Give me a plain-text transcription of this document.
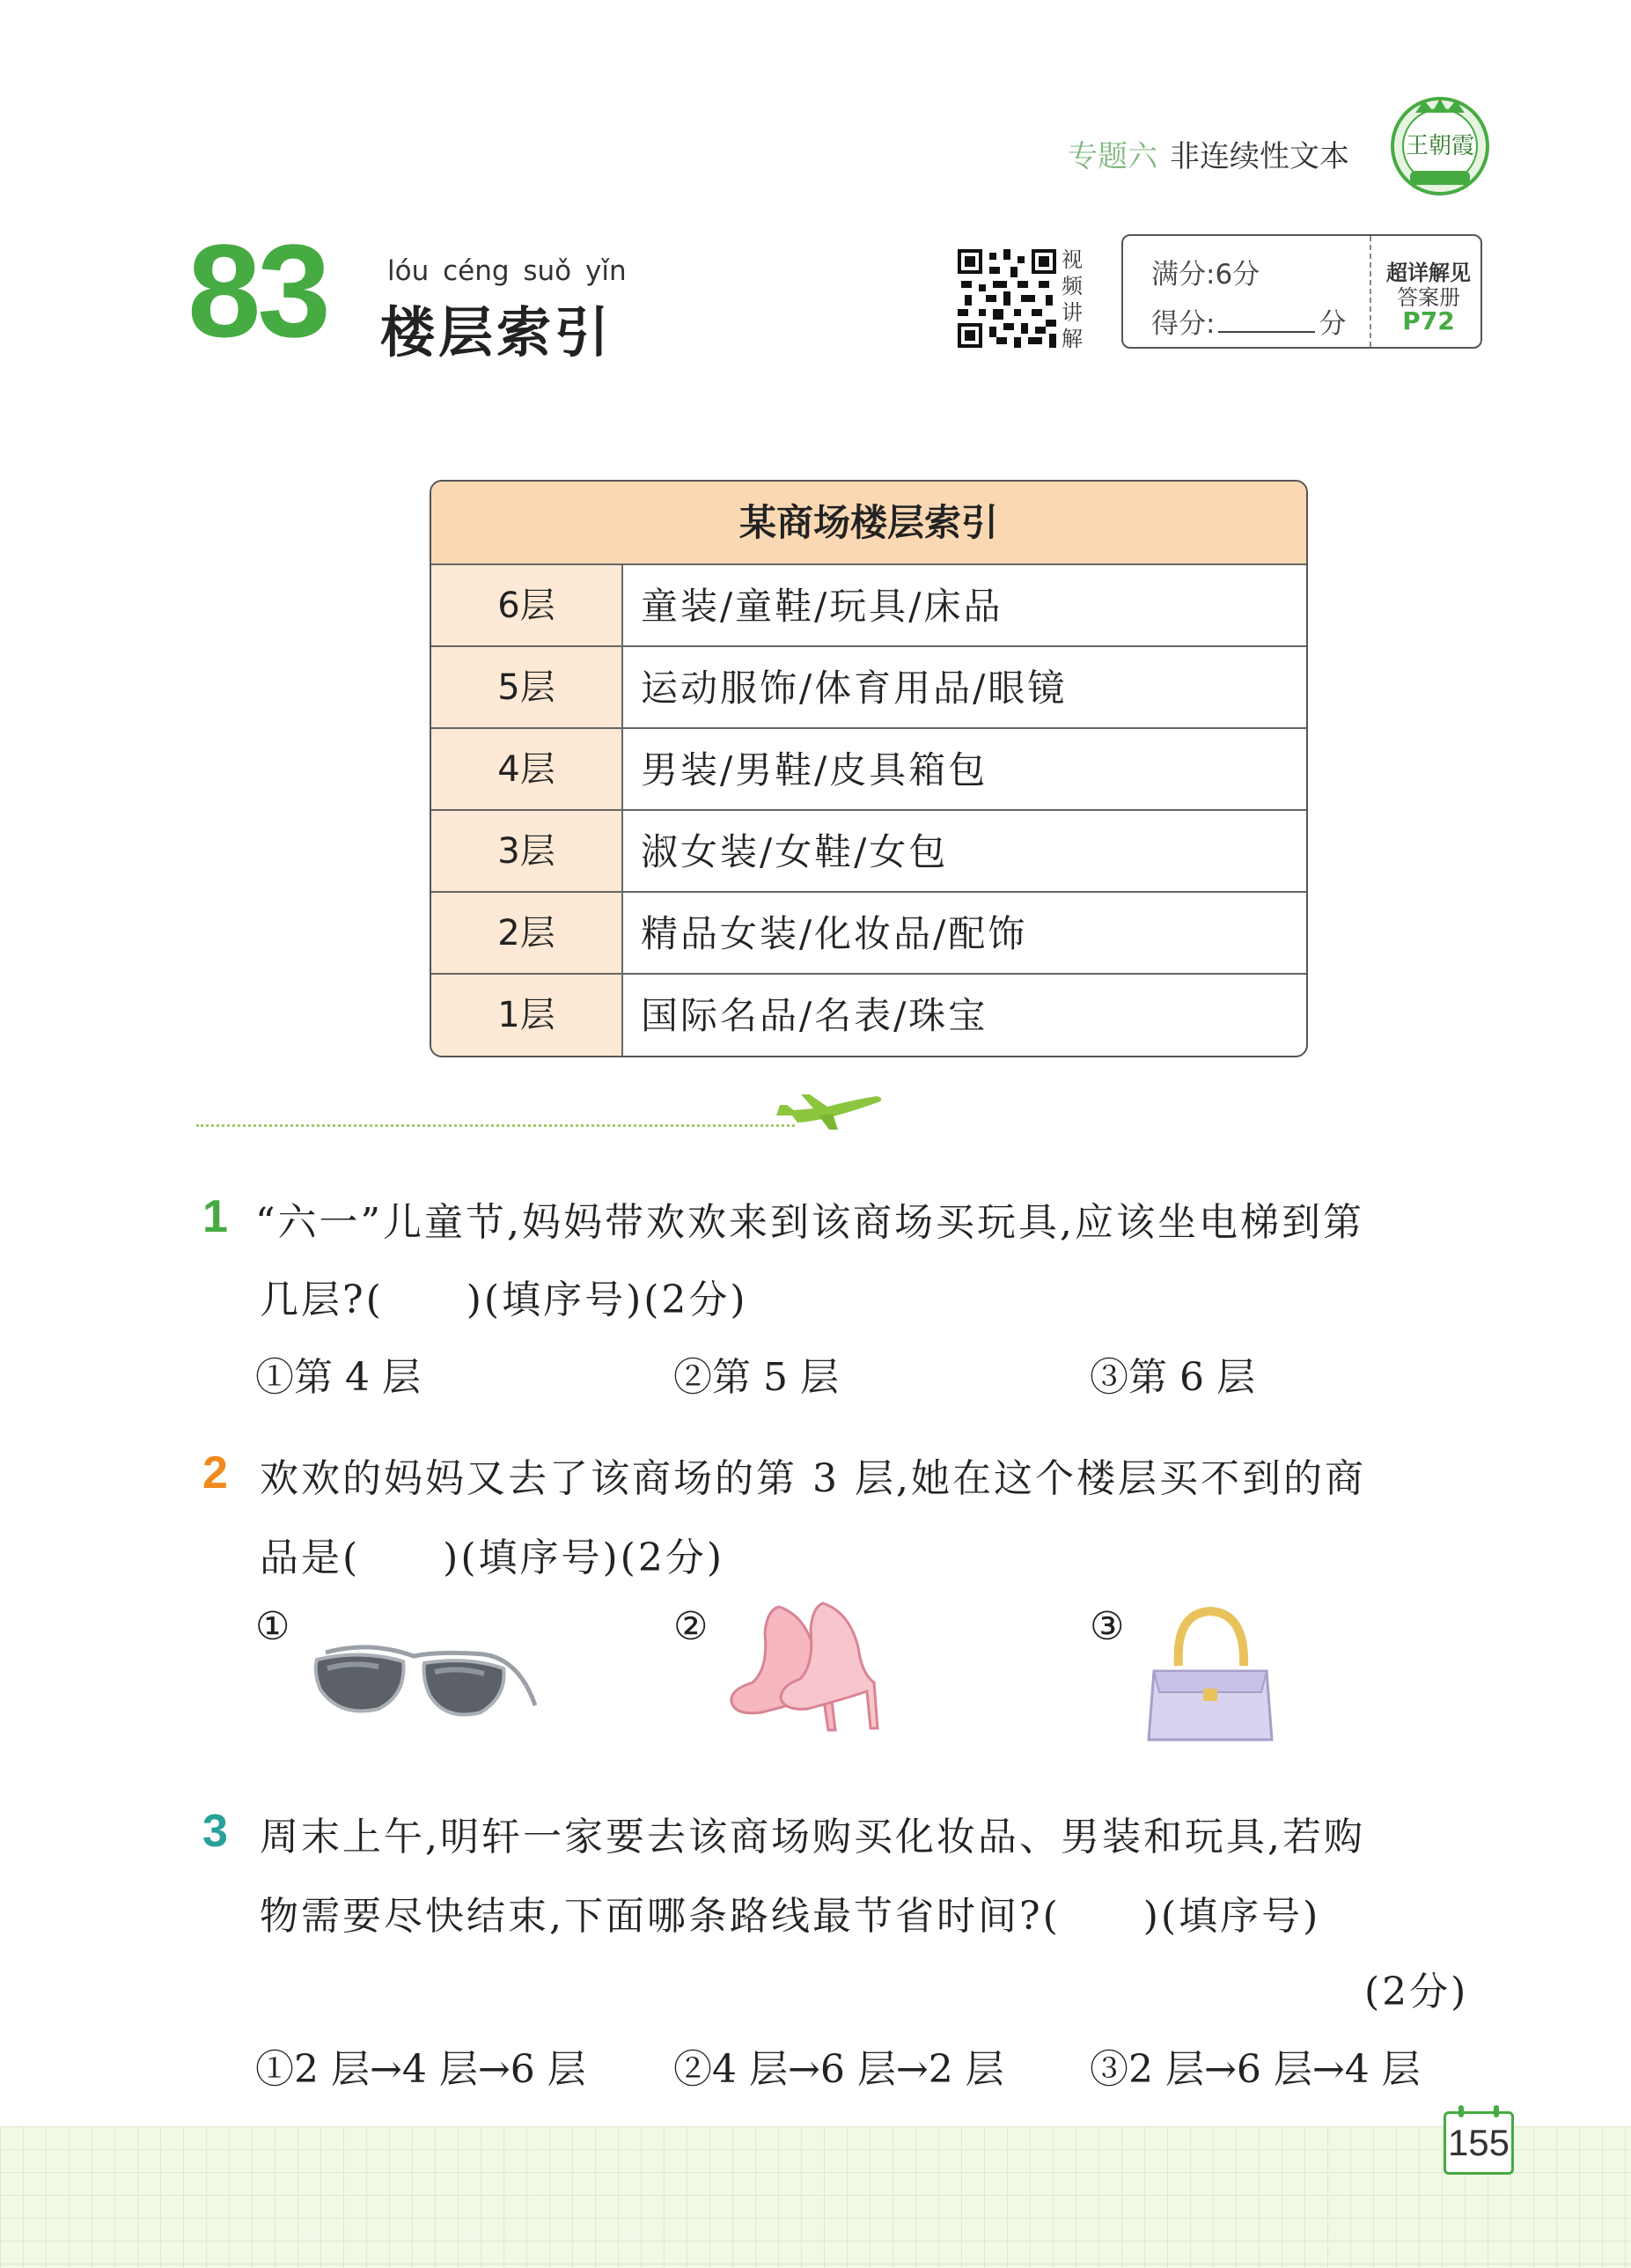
专题六 非连续性文本 王朝霞
83 lóu céng suǒ yǐn
楼层索引
视
频
讲
解
满分:6分
得分:	分
超详解见
答案册
P72
某商场楼层索引
6层	童装/童鞋/玩具/床品
5层	运动服饰/体育用品/眼镜
4层	男装/男鞋/皮具箱包
3层	淑女装/女鞋/女包
2层	精品女装/化妆品/配饰
1层	国际名品/名表/珠宝
1 “六一”儿童节,妈妈带欢欢来到该商场买玩具,应该坐电梯到第
几层?(　　)(填序号)(2分)
①第 4 层	②第 5 层	③第 6 层
2 欢欢的妈妈又去了该商场的第 3 层,她在这个楼层买不到的商
品是(　　)(填序号)(2分)
①	②	③
3 周末上午,明轩一家要去该商场购买化妆品、男装和玩具,若购
物需要尽快结束,下面哪条路线最节省时间?(　　)(填序号)
(2分)
①2 层→4 层→6 层 ②4 层→6 层→2 层 ③2 层→6 层→4 层
155
